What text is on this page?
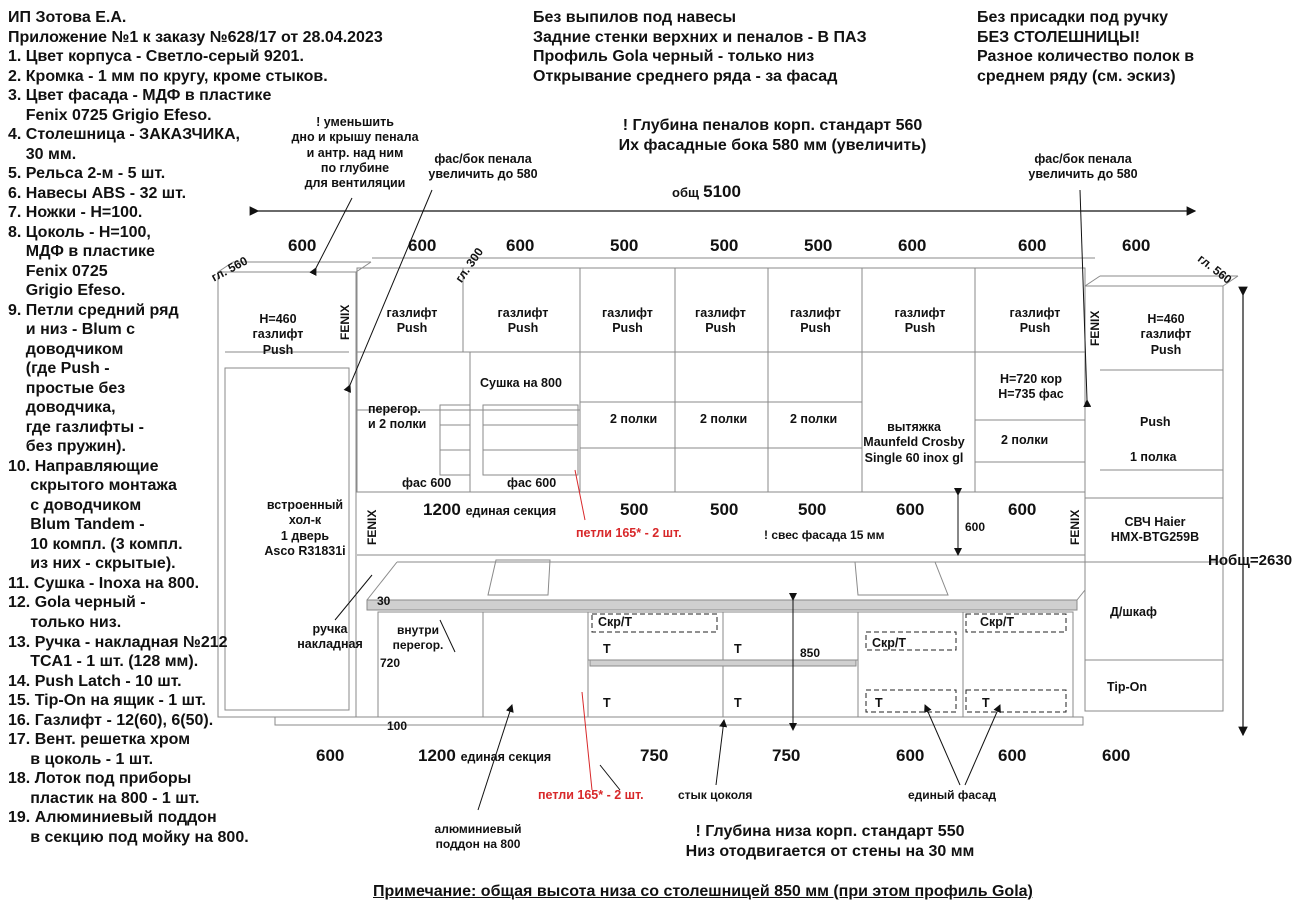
ИП Зотова Е.А.
Приложение №1 к заказу №628/17 от 28.04.2023
1. Цвет корпуса - Светло-серый 9201.
2. Кромка - 1 мм по кругу, кроме стыков.
3. Цвет фасада - МДФ в пластике
Fenix 0725 Grigio Efeso.
4. Столешница - ЗАКАЗЧИКА,
30 мм.
5. Рельса 2-м - 5 шт.
6. Навесы ABS - 32 шт.
7. Ножки - H=100.
8. Цоколь - H=100,
МДФ в пластике
Fenix 0725
Grigio Efeso.
9. Петли средний ряд
и низ - Blum с
доводчиком
(где Push -
простые без
доводчика,
где газлифты -
без пружин).
10. Направляющие
скрытого монтажа
с доводчиком
Blum Tandem -
10 компл. (3 компл.
из них - скрытые).
11. Сушка - Inoxa на 800.
12. Gola черный -
только низ.
13. Ручка - накладная №212
TCA1 - 1 шт. (128 мм).
14. Push Latch - 10 шт.
15. Tip-On на ящик - 1 шт.
16. Газлифт - 12(60), 6(50).
17. Вент. решетка хром
в цоколь - 1 шт.
18. Лоток под приборы
пластик на 800 - 1 шт.
19. Алюминиевый поддон
в секцию под мойку на 800.
Без выпилов под навесы
Задние стенки верхних и пеналов - В ПАЗ
Профиль Gola черный - только низ
Открывание среднего ряда - за фасад
Без присадки под ручку
БЕЗ СТОЛЕШНИЦЫ!
Разное количество полок в
среднем ряду (см. эскиз)
! Глубина пеналов корп. стандарт 560
Их фасадные бока 580 мм (увеличить)
! Глубина низа корп. стандарт 550
Низ отодвигается от стены на 30 мм
Примечание: общая высота низа со столешницей 850 мм (при этом профиль Gola)
! уменьшить
дно и крышу пенала
и антр. над ним
по глубине
для вентиляции
фас/бок пенала
увеличить до 580
фас/бок пенала
увеличить до 580
общ 5100
Нобщ=2630
гл. 560	гл. 560
гл. 300
600	600	600	500	500	500	600	600	600
H=460
газлифт
Push
H=460
газлифт
Push
газлифт
Push
газлифт
Push
газлифт
Push
газлифт
Push
газлифт
Push
газлифт
Push
газлифт
Push
Сушка на 800
перегор.
и 2 полки
фас 600	фас 600
2 полки	2 полки	2 полки
вытяжка
Maunfeld Crosby
Single 60 inox gl
H=720 кор
H=735 фас
2 полки
Push
1 полка
СВЧ Haier
HMX-BTG259B
Д/шкаф
Tip-On
FENIX	FENIX
FENIX	FENIX
встроенный
хол-к
1 дверь
Asco R31831i
ручка
накладная
внутри
перегор.
1200 единая секция	500	500	500	600	600
600
петли 165* - 2 шт.	! свес фасада 15 мм
Скр/Т
Скр/Т
Скр/Т
Т	Т
Т	Т	Т	Т
30
720
100
850
600	1200 единая секция	750	750	600	600	600
петли 165* - 2 шт.	стык цоколя	единый фасад
алюминиевый
поддон на 800
